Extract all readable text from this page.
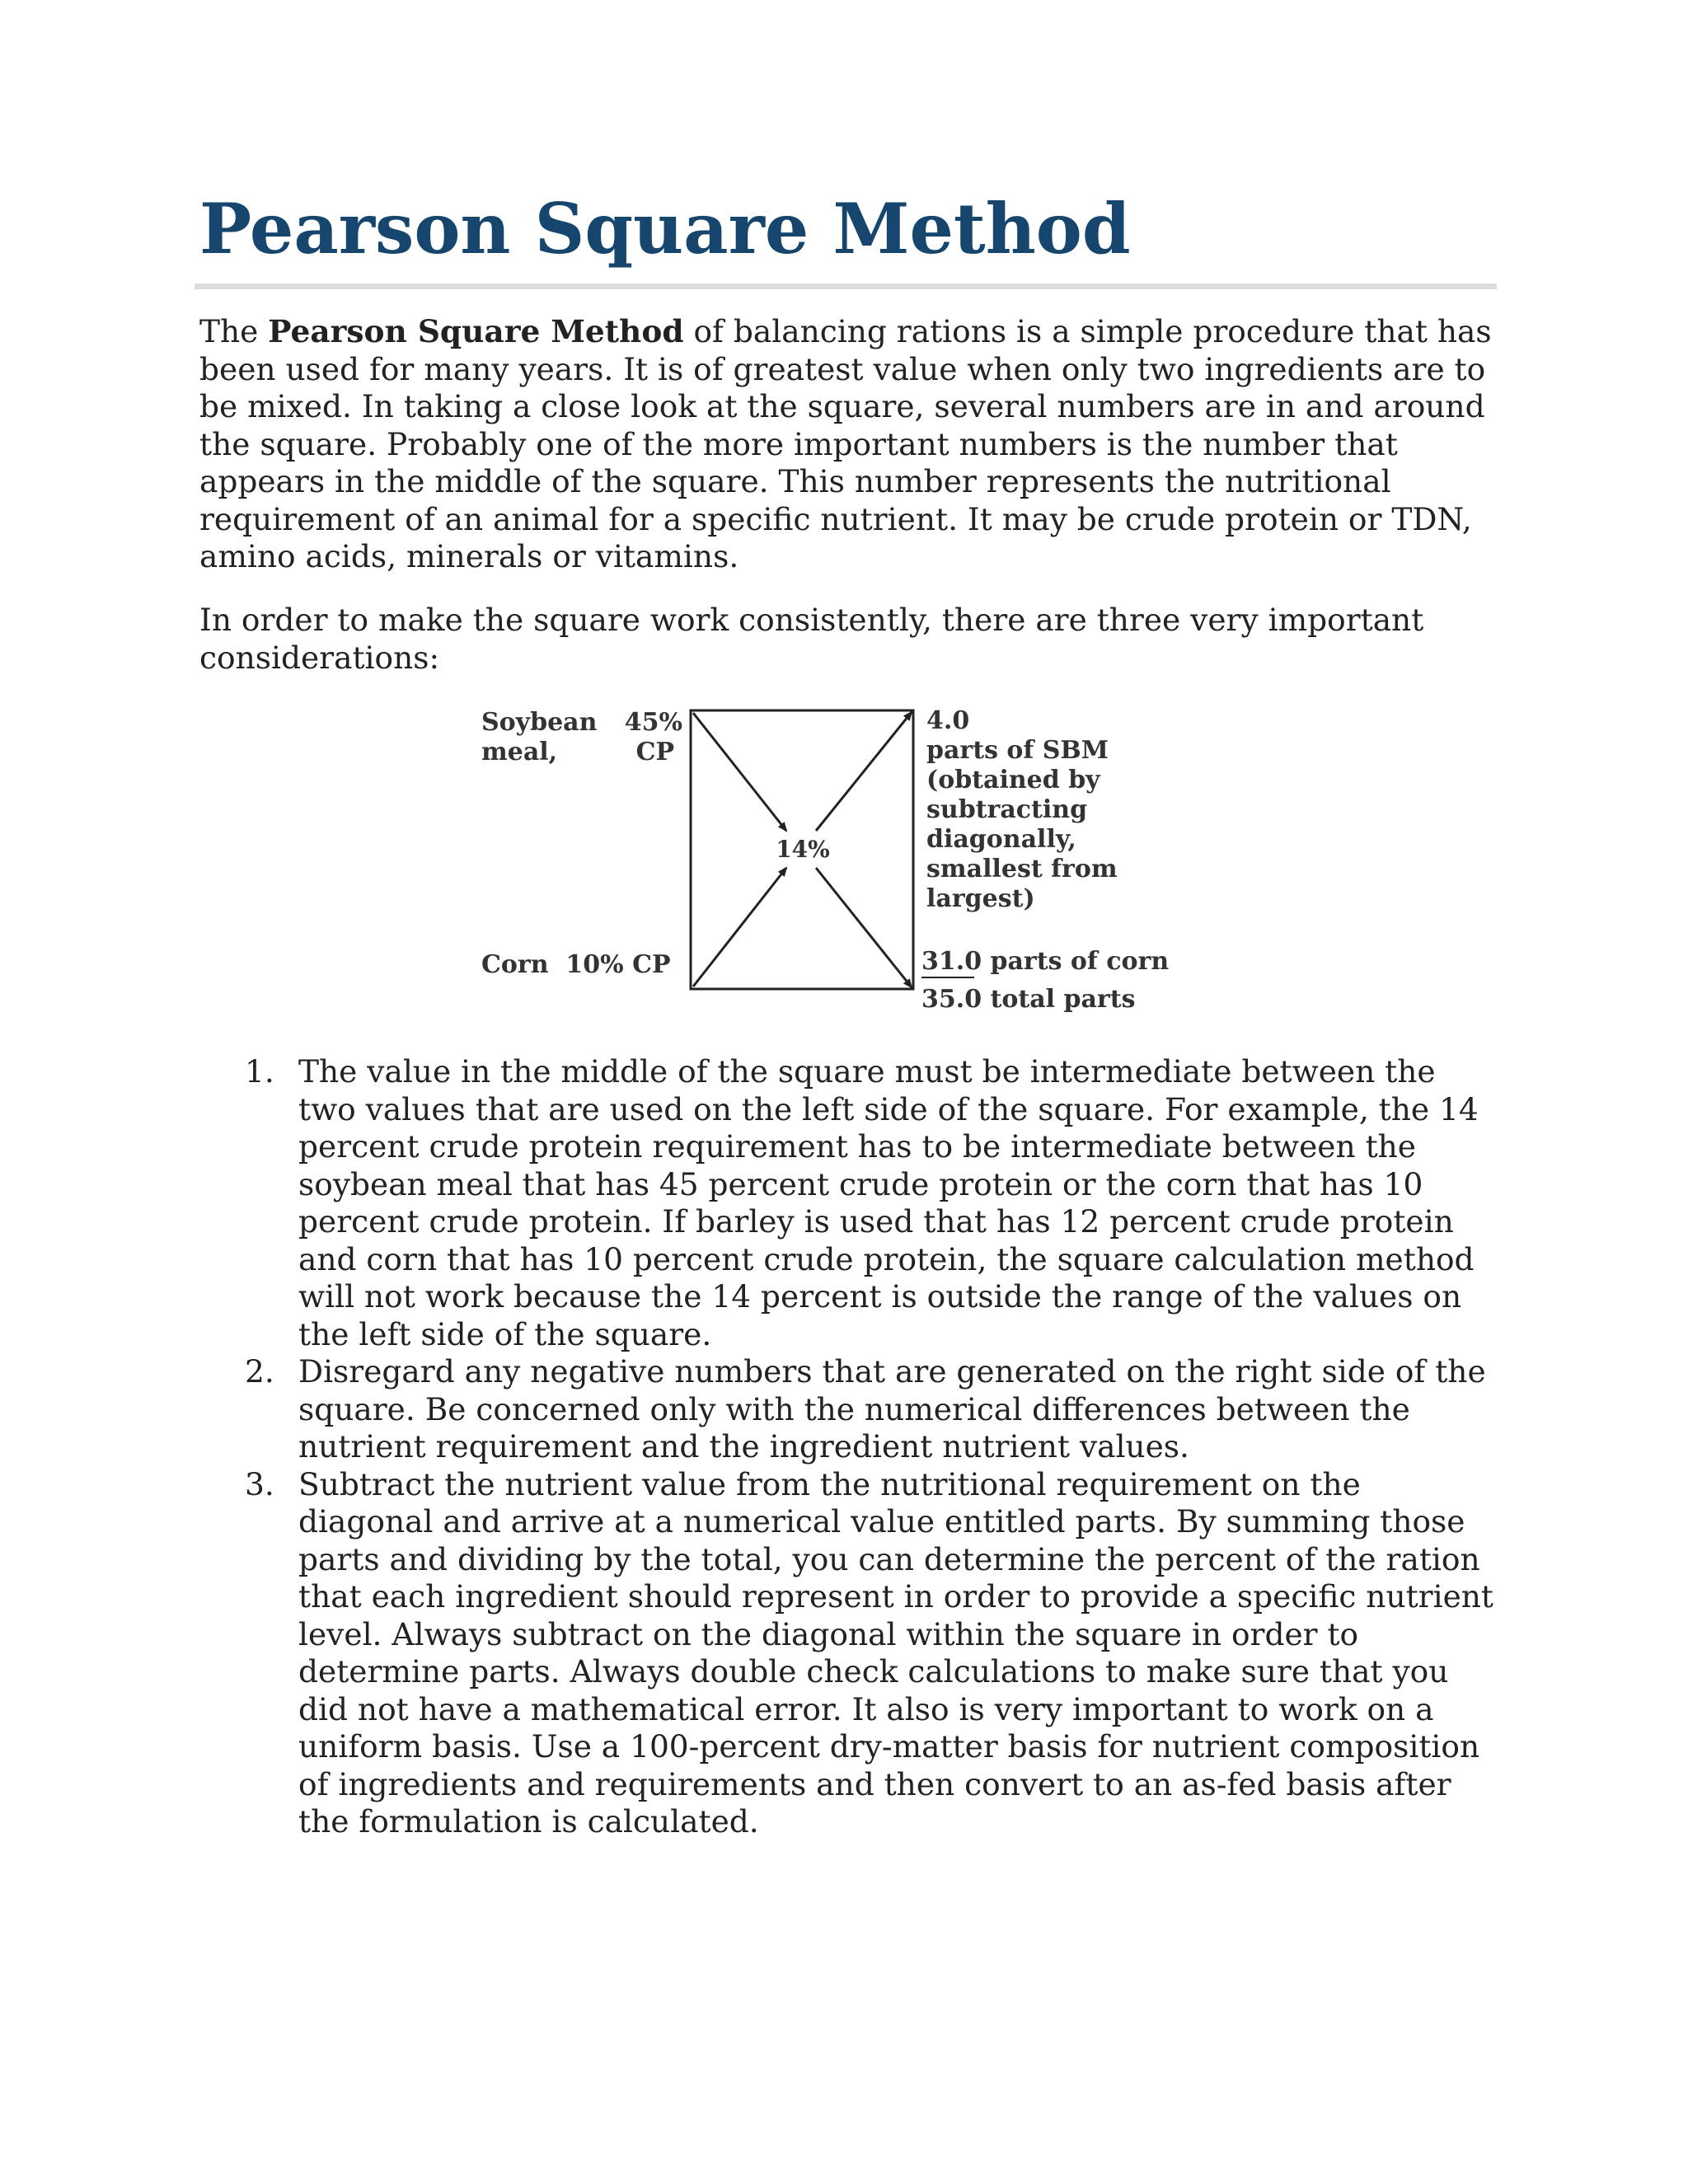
Pearson Square Method

The Pearson Square Method of balancing rations is a simple procedure that has been used for many years. It is of greatest value when only two ingredients are to be mixed. In taking a close look at the square, several numbers are in and around the square. Probably one of the more important numbers is the number that appears in the middle of the square. This number represents the nutritional requirement of an animal for a specific nutrient. It may be crude protein or TDN, amino acids, minerals or vitamins.

In order to make the square work consistently, there are three very important considerations:

Soybean
meal,
45%
CP
14%
Corn  10% CP
4.0
parts of SBM
(obtained by
subtracting
diagonally,
smallest from
largest)
31.0 parts of corn
35.0 total parts
1. The value in the middle of the square must be intermediate between the two values that are used on the left side of the square. For example, the 14 percent crude protein requirement has to be intermediate between the soybean meal that has 45 percent crude protein or the corn that has 10 percent crude protein. If barley is used that has 12 percent crude protein and corn that has 10 percent crude protein, the square calculation method will not work because the 14 percent is outside the range of the values on the left side of the square.
2. Disregard any negative numbers that are generated on the right side of the square. Be concerned only with the numerical differences between the nutrient requirement and the ingredient nutrient values.
3. Subtract the nutrient value from the nutritional requirement on the diagonal and arrive at a numerical value entitled parts. By summing those parts and dividing by the total, you can determine the percent of the ration that each ingredient should represent in order to provide a specific nutrient level. Always subtract on the diagonal within the square in order to determine parts. Always double check calculations to make sure that you did not have a mathematical error. It also is very important to work on a uniform basis. Use a 100-percent dry-matter basis for nutrient composition of ingredients and requirements and then convert to an as-fed basis after the formulation is calculated.
